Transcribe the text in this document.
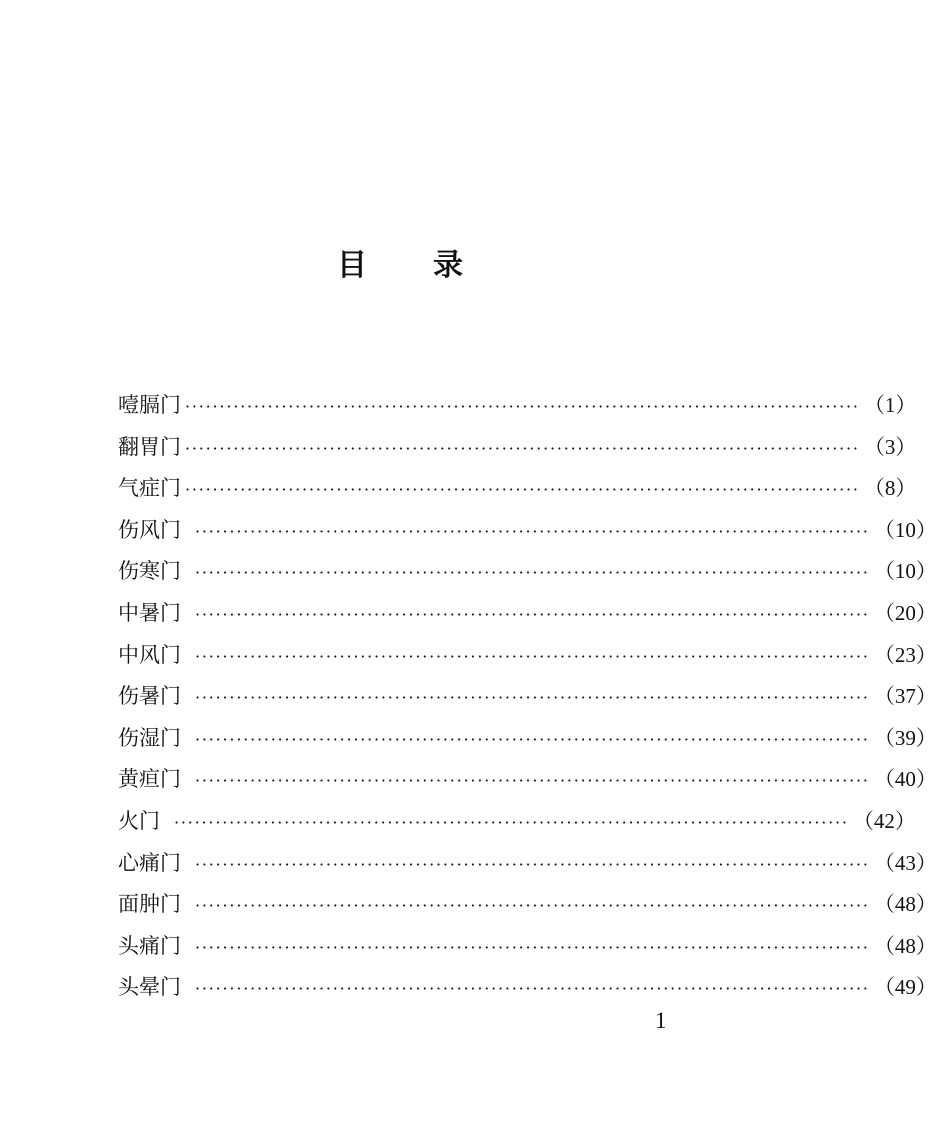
目 录
噎膈门 ·································································································· （1）
翻胃门 ·································································································· （3）
气症门 ·································································································· （8）
伤风门 ·································································································· （10）
伤寒门 ·································································································· （10）
中暑门 ·································································································· （20）
中风门 ·································································································· （23）
伤暑门 ·································································································· （37）
伤湿门 ·································································································· （39）
黄疸门 ·································································································· （40）
火门 ·································································································· （42）
心痛门 ·································································································· （43）
面肿门 ·································································································· （48）
头痛门 ·································································································· （48）
头晕门 ·································································································· （49）
1
